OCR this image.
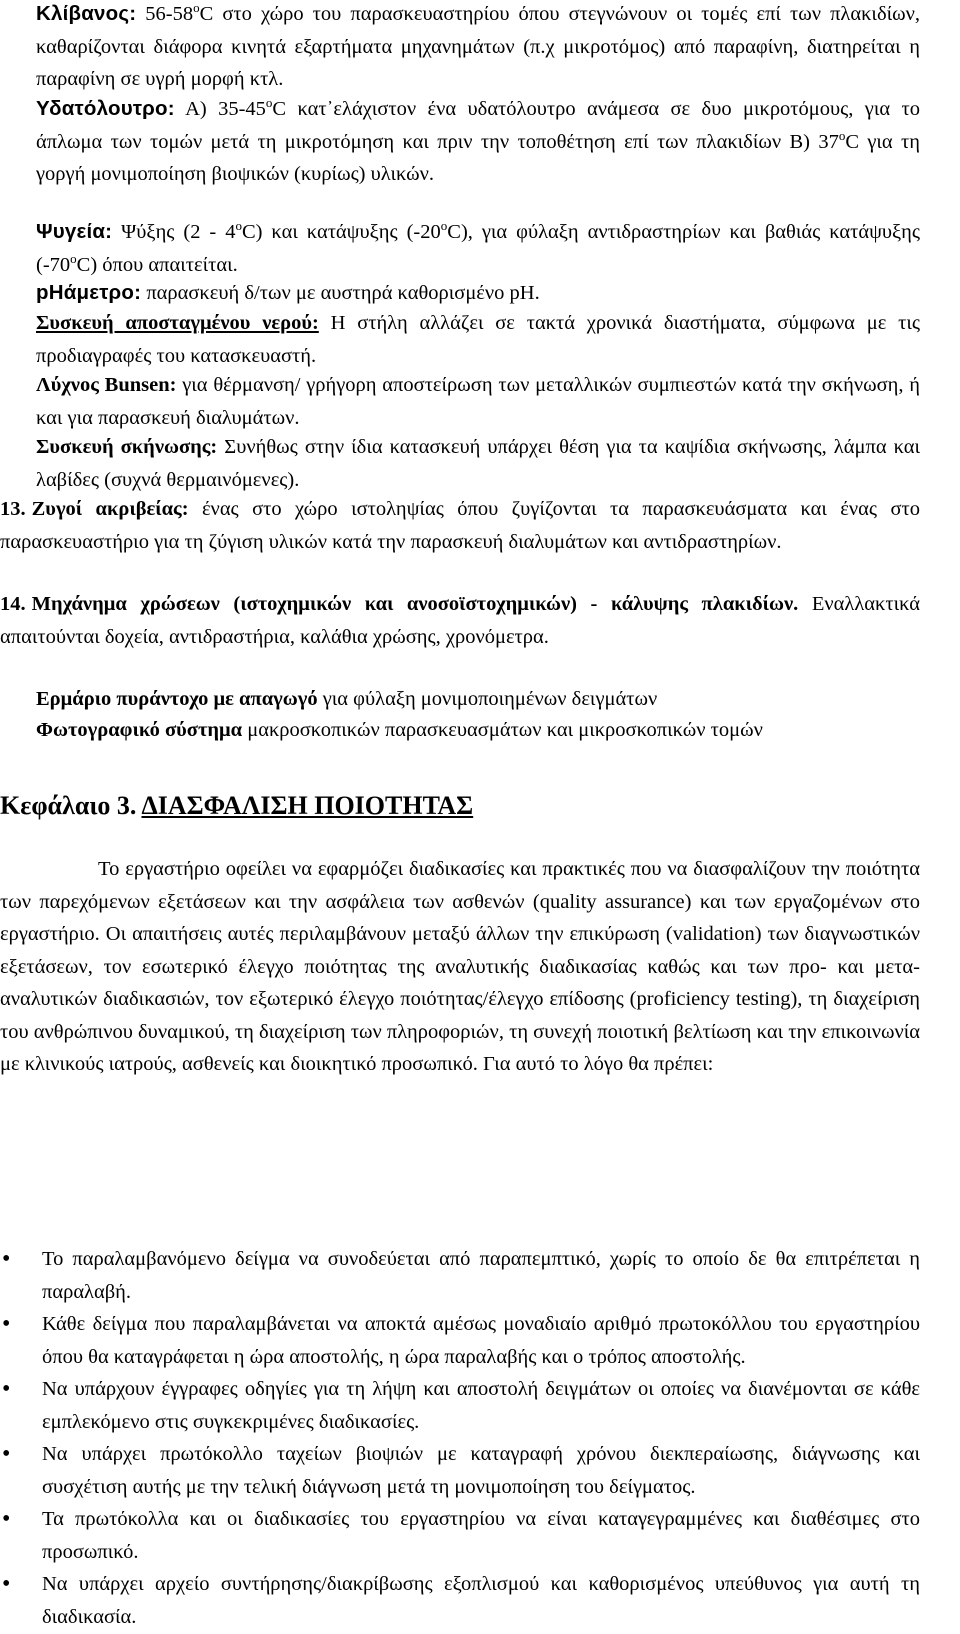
Κλίβανος: $56-58^oC$ στο χώρο του παρασκευαστηρίου όπου στεγνώνουν οι τομές επί των πλακιδίων, καθαρίζονται διάφορα κινητά εξαρτήματα μηχανημάτων (π.χ μικροτόμος) από παραφίνη, διατηρείται η παραφίνη σε υγρή μορφή κτλ.

Υδατόλουτρο: Α) $35-45^oC$ κατ᾽ελάχιστον ένα υδατόλουτρο ανάμεσα σε δυο μικροτόμους, για το άπλωμα των τομών μετά τη μικροτόμηση και πριν την τοποθέτηση επί των πλακιδίων Β) $37^oC$ για τη γοργή μονιμοποίηση βιοψικών (κυρίως) υλικών.

Ψυγεία: Ψύξης $(2 - 4^oC)$ και κατάψυξης $(-20^oC)$, για φύλαξη αντιδραστηρίων και βαθιάς κατάψυξης $(-70^oC)$ όπου απαιτείται.

pHάμετρο: παρασκευή δ/των με αυστηρά καθορισμένο pH.

Συσκευή αποσταγμένου νερού: Η στήλη αλλάζει σε τακτά χρονικά διαστήματα, σύμφωνα με τις προδιαγραφές του κατασκευαστή.

Λύχνος Bunsen: για θέρμανση/ γρήγορη αποστείρωση των μεταλλικών συμπιεστών κατά την σκήνωση, ή και για παρασκευή διαλυμάτων.

Συσκευή σκήνωσης: Συνήθως στην ίδια κατασκευή υπάρχει θέση για τα καψίδια σκήνωσης, λάμπα και λαβίδες (συχνά θερμαινόμενες).

13. Ζυγοί ακριβείας: ένας στο χώρο ιστοληψίας όπου ζυγίζονται τα παρασκευάσματα και ένας στο παρασκευαστήριο για τη ζύγιση υλικών κατά την παρασκευή διαλυμάτων και αντιδραστηρίων.

14. Μηχάνημα χρώσεων (ιστοχημικών και ανοσοϊστοχημικών) - κάλυψης πλακιδίων. Εναλλακτικά απαιτούνται δοχεία, αντιδραστήρια, καλάθια χρώσης, χρονόμετρα.

Ερμάριο πυράντοχο με απαγωγό για φύλαξη μονιμοποιημένων δειγμάτων

Φωτογραφικό σύστημα μακροσκοπικών παρασκευασμάτων και μικροσκοπικών τομών

Κεφάλαιο 3. ΔΙΑΣΦΑΛΙΣΗ ΠΟΙΟΤΗΤΑΣ

Το εργαστήριο οφείλει να εφαρμόζει διαδικασίες και πρακτικές που να διασφαλίζουν την ποιότητα των παρεχόμενων εξετάσεων και την ασφάλεια των ασθενών (quality assurance) και των εργαζομένων στο εργαστήριο. Οι απαιτήσεις αυτές περιλαμβάνουν μεταξύ άλλων την επικύρωση (validation) των διαγνωστικών εξετάσεων, τον εσωτερικό έλεγχο ποιότητας της αναλυτικής διαδικασίας καθώς και των προ- και μετα-αναλυτικών διαδικασιών, τον εξωτερικό έλεγχο ποιότητας/έλεγχο επίδοσης (proficiency testing), τη διαχείριση του ανθρώπινου δυναμικού, τη διαχείριση των πληροφοριών, τη συνεχή ποιοτική βελτίωση και την επικοινωνία με κλινικούς ιατρούς, ασθενείς και διοικητικό προσωπικό. Για αυτό το λόγο θα πρέπει:

• Το παραλαμβανόμενο δείγμα να συνοδεύεται από παραπεμπτικό, χωρίς το οποίο δε θα επιτρέπεται η παραλαβή.
• Κάθε δείγμα που παραλαμβάνεται να αποκτά αμέσως μοναδιαίο αριθμό πρωτοκόλλου του εργαστηρίου όπου θα καταγράφεται η ώρα αποστολής, η ώρα παραλαβής και ο τρόπος αποστολής.
• Να υπάρχουν έγγραφες οδηγίες για τη λήψη και αποστολή δειγμάτων οι οποίες να διανέμονται σε κάθε εμπλεκόμενο στις συγκεκριμένες διαδικασίες.
• Να υπάρχει πρωτόκολλο ταχείων βιοψιών με καταγραφή χρόνου διεκπεραίωσης, διάγνωσης και συσχέτιση αυτής με την τελική διάγνωση μετά τη μονιμοποίηση του δείγματος.
• Τα πρωτόκολλα και οι διαδικασίες του εργαστηρίου να είναι καταγεγραμμένες και διαθέσιμες στο προσωπικό.
• Να υπάρχει αρχείο συντήρησης/διακρίβωσης εξοπλισμού και καθορισμένος υπεύθυνος για αυτή τη διαδικασία.
